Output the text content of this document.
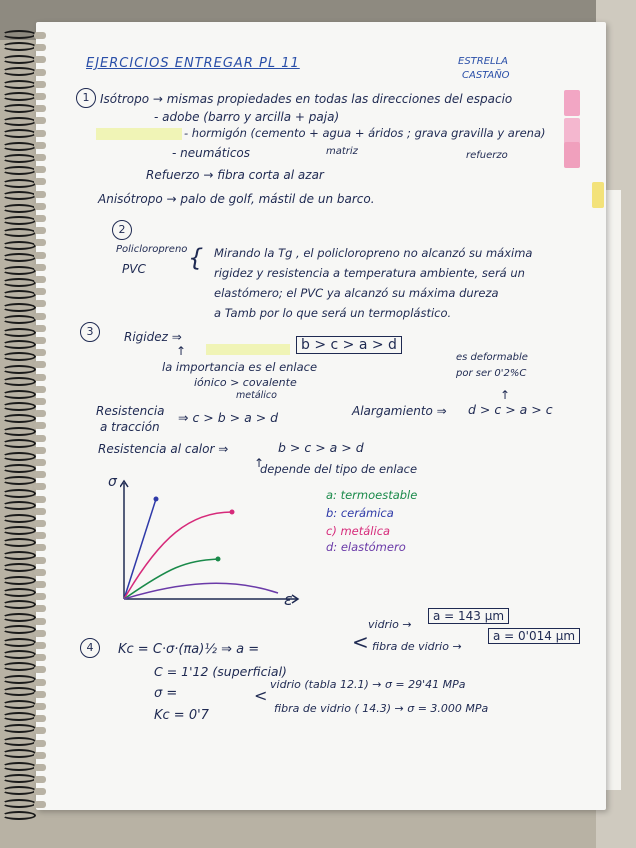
EJERCICIOS ENTREGAR PL 11	ESTRELLA
CASTAÑO
1 Isótropo → mismas propiedades en todas las direcciones del espacio
- adobe (barro y arcilla + paja)
- hormigón (cemento + agua + áridos ; grava gravilla y arena)
matriz	refuerzo
- neumáticos
Refuerzo → fibra corta al azar
Anisótropo → palo de golf, mástil de un barco.
2
Policloropreno
PVC { Mirando la Tg , el policloropreno no alcanzó su máxima
rigidez y resistencia a temperatura ambiente, será un
elastómero; el PVC ya alcanzó su máxima dureza
a Tamb por lo que será un termoplástico.
3	Rigidez ⇒	b > c > a > d
↑
la importancia es el enlace
iónico > covalente
metálico
es deformable
por ser 0'2%C
↑
Resistencia
a tracción
⇒ c > b > a > d	Alargamiento ⇒ d > c > a > c
Resistencia al calor ⇒	b > c > a > d
↑
depende del tipo de enlace
σ
ε
a: termoestable
b: cerámica
c) metálica
d: elastómero
4	Kc = C·σ·(πa)½ ⇒ a =	<
vidrio →
a = 143 μm
fibra de vidrio →
a = 0'014 μm
C = 1'12 (superficial)
σ =
Kc = 0'7
<
vidrio (tabla 12.1) → σ = 29'41 MPa
fibra de vidrio ( 14.3) → σ = 3.000 MPa
